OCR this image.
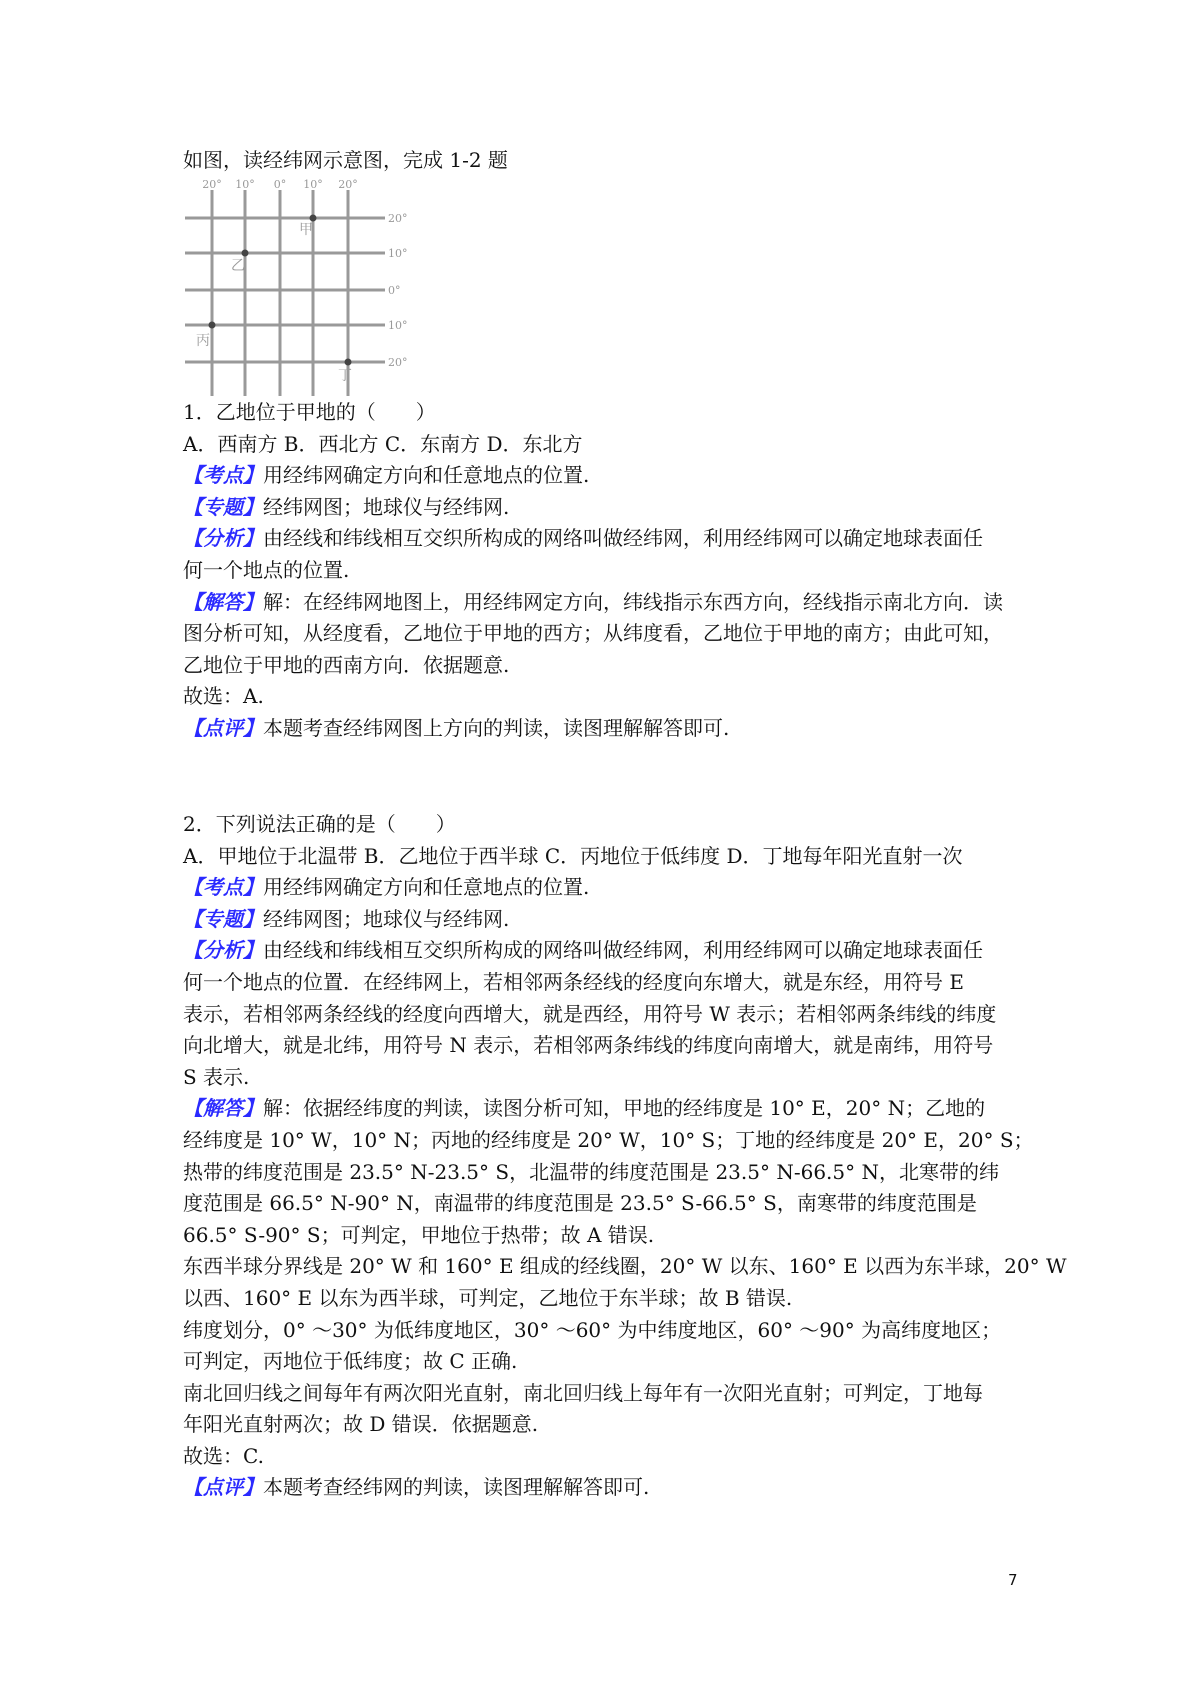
如图，读经纬网示意图，完成 1-2 题
20° 10° 0° 10° 20°
20°
10°
0°
10°
20°
甲
乙
丙
丁
1．乙地位于甲地的（　　）
A．西南方 B．西北方 C．东南方 D．东北方
【考点】用经纬网确定方向和任意地点的位置.
【专题】经纬网图；地球仪与经纬网.
【分析】由经线和纬线相互交织所构成的网络叫做经纬网，利用经纬网可以确定地球表面任
何一个地点的位置.
【解答】解：在经纬网地图上，用经纬网定方向，纬线指示东西方向，经线指示南北方向．读
图分析可知，从经度看，乙地位于甲地的西方；从纬度看，乙地位于甲地的南方；由此可知，
乙地位于甲地的西南方向．依据题意.
故选：A.
【点评】本题考查经纬网图上方向的判读，读图理解解答即可.
2．下列说法正确的是（　　）
A．甲地位于北温带 B．乙地位于西半球 C．丙地位于低纬度 D．丁地每年阳光直射一次
【考点】用经纬网确定方向和任意地点的位置.
【专题】经纬网图；地球仪与经纬网.
【分析】由经线和纬线相互交织所构成的网络叫做经纬网，利用经纬网可以确定地球表面任
何一个地点的位置．在经纬网上，若相邻两条经线的经度向东增大，就是东经，用符号 E
表示，若相邻两条经线的经度向西增大，就是西经，用符号 W 表示；若相邻两条纬线的纬度
向北增大，就是北纬，用符号 N 表示，若相邻两条纬线的纬度向南增大，就是南纬，用符号
S 表示.
【解答】解：依据经纬度的判读，读图分析可知，甲地的经纬度是 10° E，20° N；乙地的
经纬度是 10° W，10° N；丙地的经纬度是 20° W，10° S；丁地的经纬度是 20° E，20° S；
热带的纬度范围是 23.5° N-23.5° S，北温带的纬度范围是 23.5° N-66.5° N，北寒带的纬
度范围是 66.5° N-90° N，南温带的纬度范围是 23.5° S-66.5° S，南寒带的纬度范围是
66.5° S-90° S；可判定，甲地位于热带；故 A 错误.
东西半球分界线是 20° W 和 160° E 组成的经线圈，20° W 以东、160° E 以西为东半球，20° W
以西、160° E 以东为西半球，可判定，乙地位于东半球；故 B 错误.
纬度划分，0° ～30° 为低纬度地区，30° ～60° 为中纬度地区，60° ～90° 为高纬度地区；
可判定，丙地位于低纬度；故 C 正确.
南北回归线之间每年有两次阳光直射，南北回归线上每年有一次阳光直射；可判定，丁地每
年阳光直射两次；故 D 错误．依据题意.
故选：C.
【点评】本题考查经纬网的判读，读图理解解答即可.
7
